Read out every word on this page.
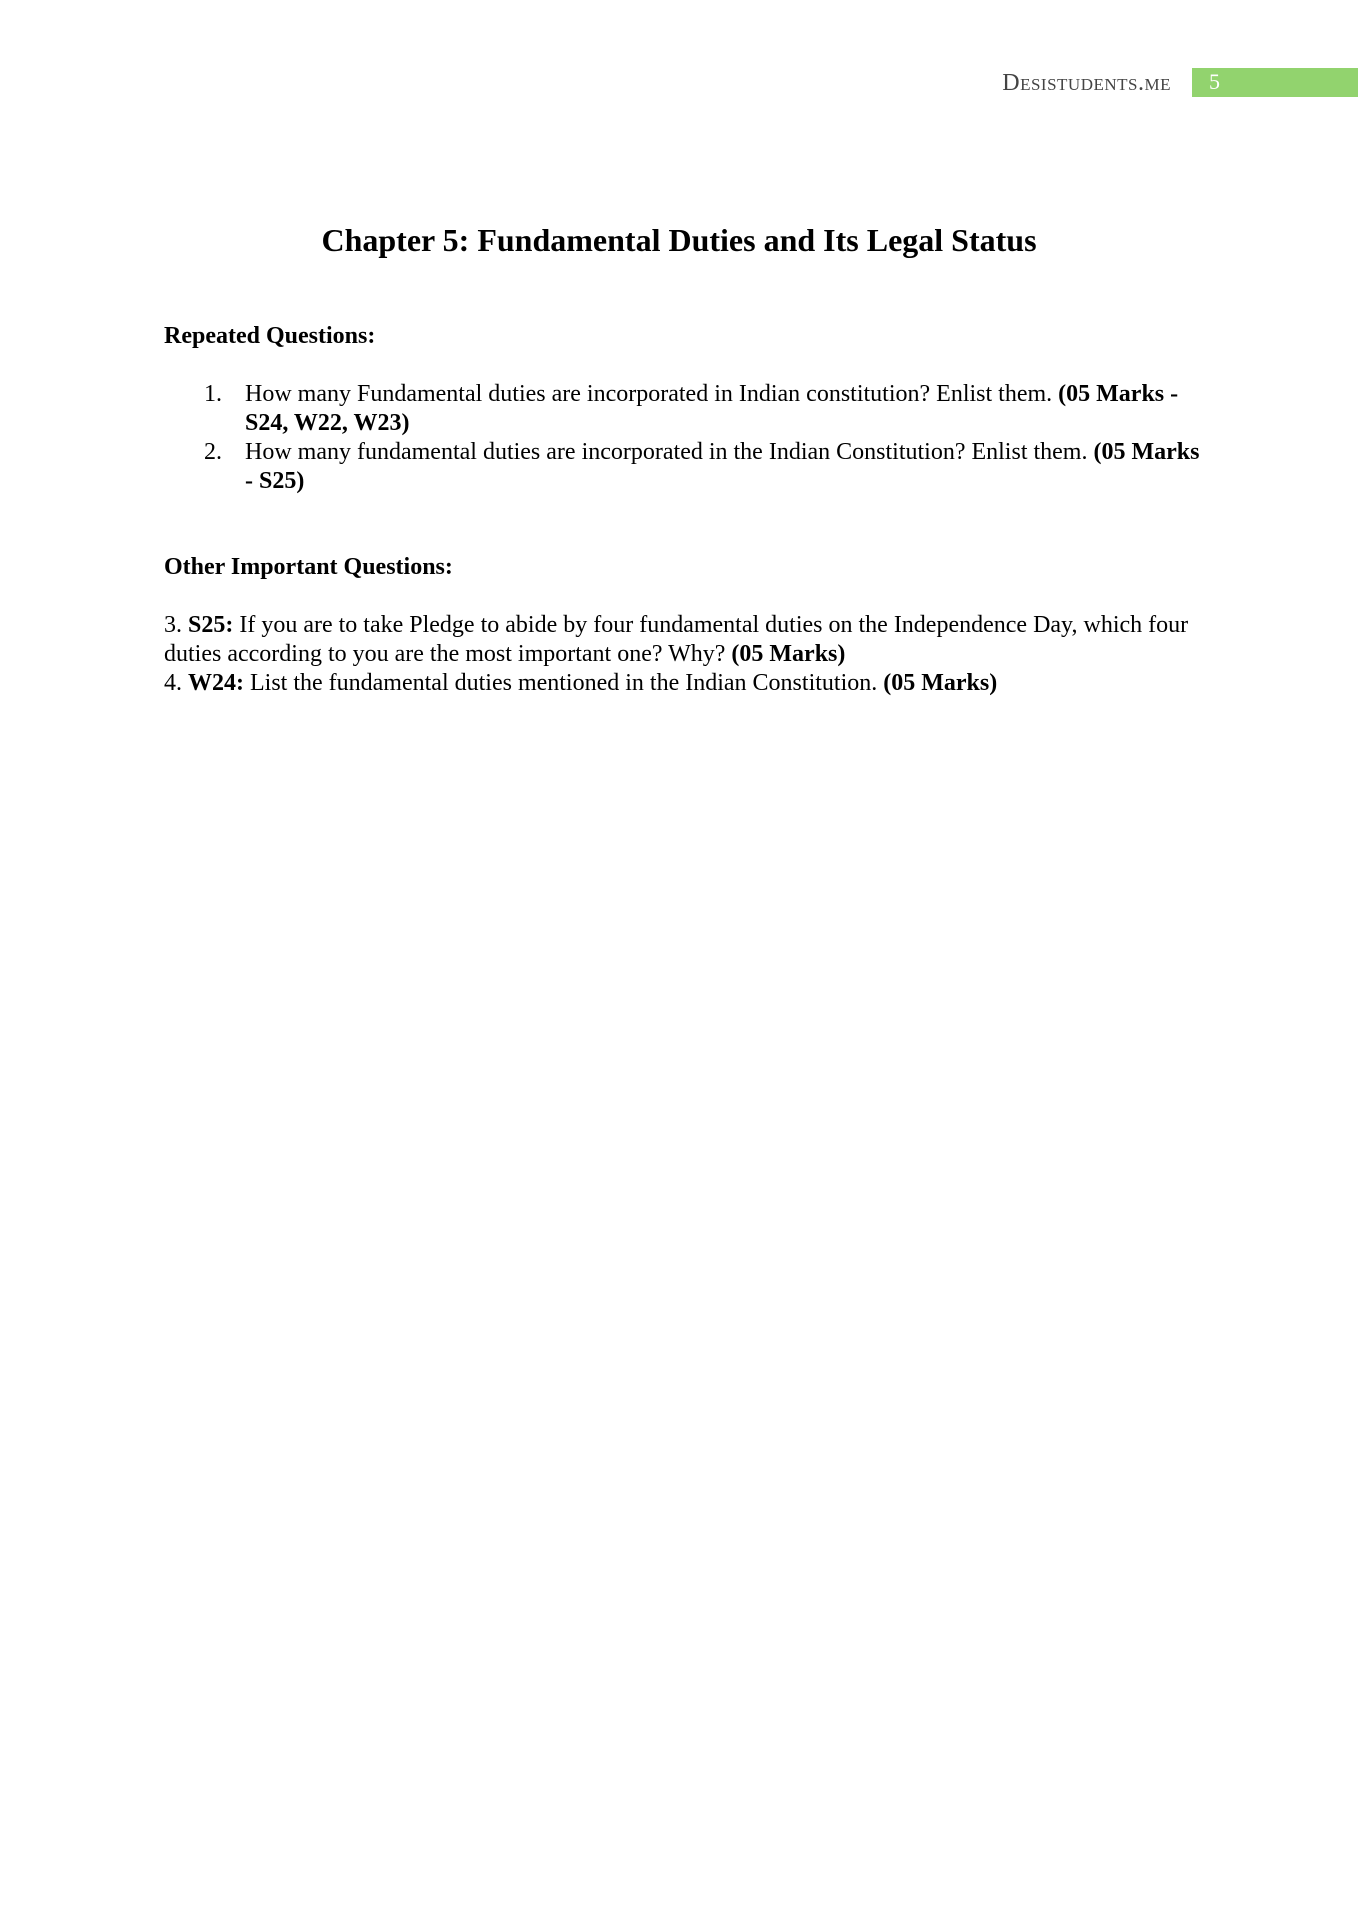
Desistudents.me 5
Chapter 5: Fundamental Duties and Its Legal Status
Repeated Questions:
1. How many Fundamental duties are incorporated in Indian constitution? Enlist them. (05 Marks - S24, W22, W23)
2. How many fundamental duties are incorporated in the Indian Constitution? Enlist them. (05 Marks - S25)
Other Important Questions:

3. S25: If you are to take Pledge to abide by four fundamental duties on the Independence Day, which four duties according to you are the most important one? Why? (05 Marks)

4. W24: List the fundamental duties mentioned in the Indian Constitution. (05 Marks)
